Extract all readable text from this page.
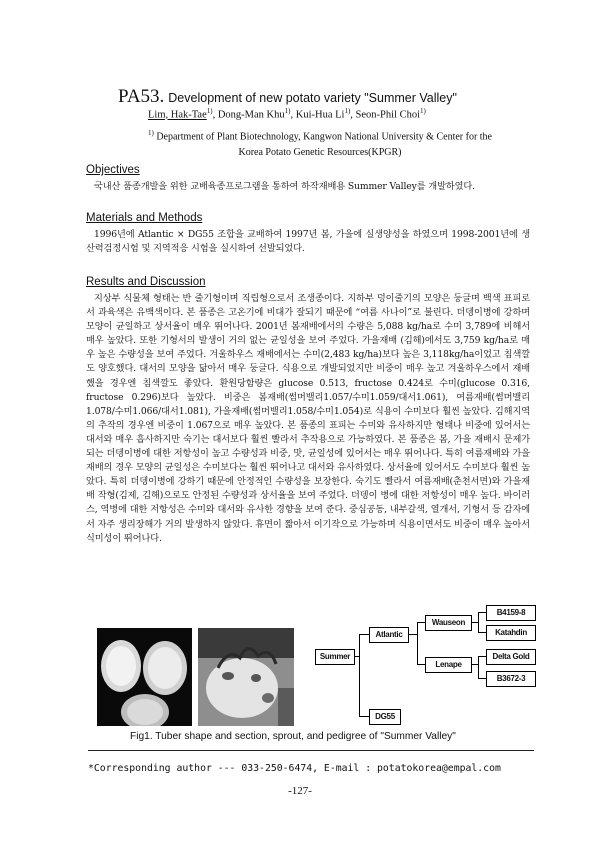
PA53. Development of new potato variety "Summer Valley"
Lim, Hak-Tae$^{1)}$, Dong-Man Khu$^{1)}$, Kui-Hua Li$^{1)}$, Seon-Phil Choi$^{1)}$
$^{1)}$ Department of Plant Biotechnology, Kangwon National University & Center for the
Korea Potato Genetic Resources(KPGR)
Objectives

국내산 품종개발을 위한 교배육종프로그램을 통하여 하작재배용 Summer Valley를 개발하였다.

Materials and Methods

1996년에 Atlantic × DG55 조합을 교배하여 1997년 봄, 가을에 실생양성을 하였으며 1998-2001년에 생산력검정시험 및 지역적응 시험을 실시하여 선발되었다.

Results and Discussion

지상부 식물체 형태는 반 줄기형이며 직립형으로서 조생종이다. 지하부 덩이줄기의 모양은 둥글며 백색 표피로서 과육색은 유백색이다. 본 품종은 고온기에 비대가 잘되기 때문에 “여름 사나이”로 불린다. 더뎅이병에 강하며 모양이 균일하고 상서율이 매우 뛰어나다. 2001년 봄재배에서의 수량은 5,088 kg/ha로 수미 3,789에 비해서 매우 높았다. 또한 기형서의 발생이 거의 없는 균일성을 보여 주었다. 가을재배 (김해)에서도 3,759 kg/ha로 매우 높은 수량성을 보여 주었다. 겨울하우스 재배에서는 수미(2,483 kg/ha)보다 높은 3,118kg/ha이었고 침색깔도 양호했다. 대서의 모양을 닮아서 매우 둥글다. 식용으로 개발되었지만 비중이 매우 높고 겨울하우스에서 재배했을 경우엔 침색깔도 좋았다. 환원당함량은 glucose 0.513, fructose 0.424로 수미(glucose 0.316, fructose 0.296)보다 높았다. 비중은 봄재배(썸머밸리1.057/수미1.059/대서1.061), 여름재배(썸머밸리1.078/수미1.066/대서1.081), 가을재배(썸머밸리1.058/수미1.054)로 식용이 수미보다 훨씬 높았다. 김해지역의 추작의 경우엔 비중이 1.067으로 매우 높았다. 본 품종의 표피는 수미와 유사하지만 형태나 비중에 있어서는 대서와 매우 흡사하지만 숙기는 대서보다 훨씬 빨라서 추작용으로 가능하였다. 본 품종은 봄, 가을 재배시 문제가 되는 더뎅이병에 대한 저항성이 높고 수량성과 비중, 맛, 균일성에 있어서는 매우 뛰어나다. 특히 여름재배와 가을재배의 경우 모양의 균일성은 수미보다는 훨씬 뛰어나고 대서와 유사하였다. 상서율에 있어서도 수미보다 훨씬 높았다. 특히 더뎅이병에 강하기 때문에 안정적인 수량성을 보장한다. 숙기도 빨라서 여름재배(춘천서면)와 가을재배 작형(김제, 김해)으로도 안정된 수량성과 상서율을 보여 주었다. 더뎅이 병에 대한 저항성이 매우 높다. 바이러스, 역병에 대한 저항성은 수미와 대서와 유사한 경향을 보여 준다. 중심공동, 내부갈색, 열개서, 기형서 등 감자에서 자주 생리장해가 거의 발생하지 않았다. 휴면이 짧아서 이기작으로 가능하며 식용이면서도 비중이 매우 높아서 식미성이 뛰어나다.

Summer
Atlantic
DG55
Wauseon
Lenape
B4159-8
Katahdin
Delta Gold
B3672-3
Fig1. Tuber shape and section, sprout, and pedigree of "Summer Valley"
*Corresponding author --- 033-250-6474, E-mail : potatokorea@empal.com
-127-
